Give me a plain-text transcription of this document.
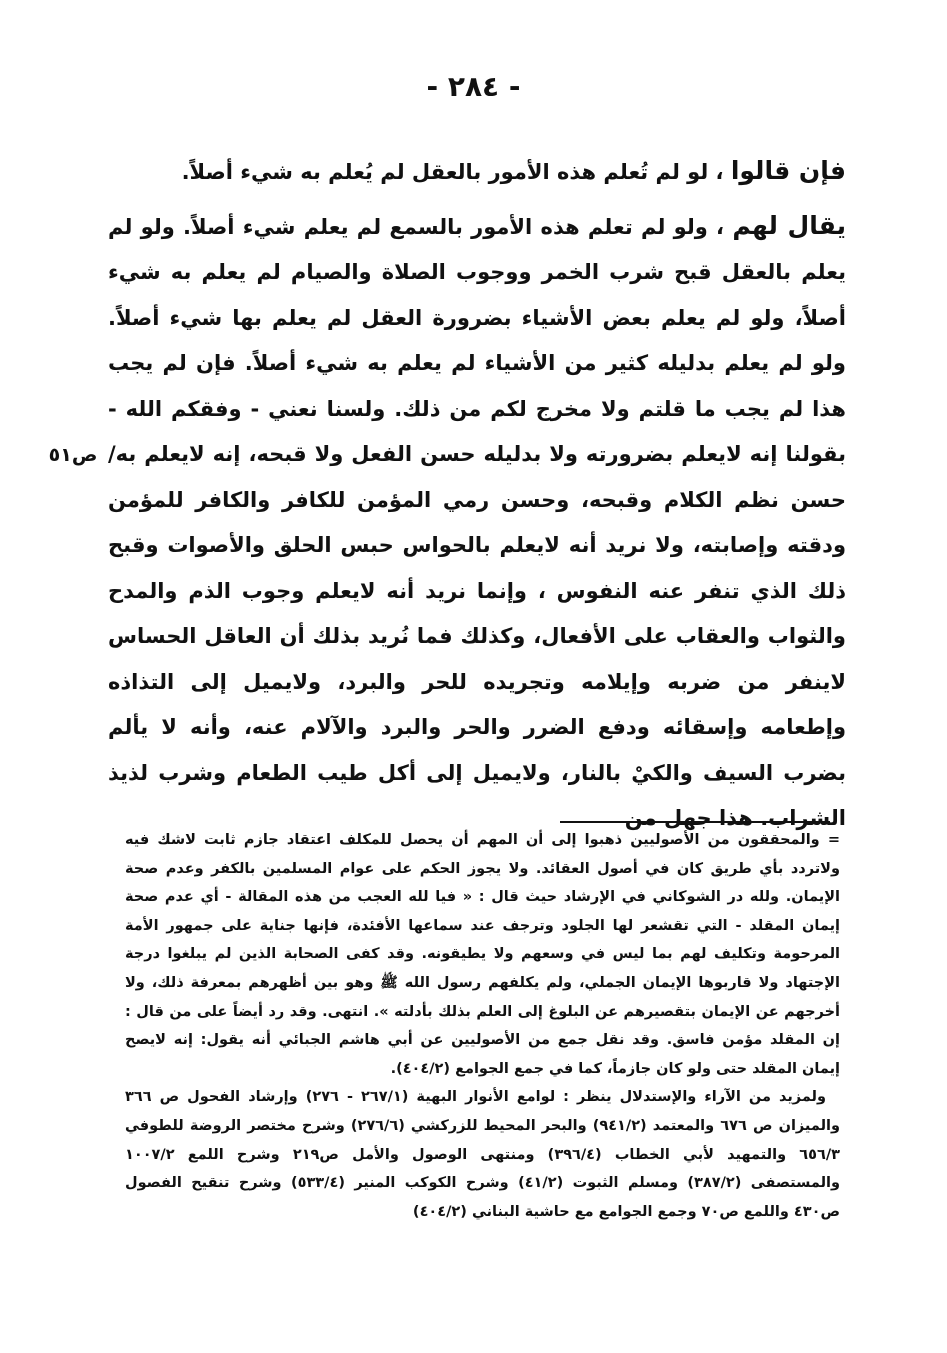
- ٢٨٤ -
ص٥١

فإن قالوا ، لو لم تُعلم هذه الأمور بالعقل لم يُعلم به شيء أصلاً.

يقال لهم ، ولو لم تعلم هذه الأمور بالسمع لم يعلم شيء أصلاً. ولو لم يعلم بالعقل قبح شرب الخمر ووجوب الصلاة والصيام لم يعلم به شيء أصلاً، ولو لم يعلم بعض الأشياء بضرورة العقل لم يعلم بها شيء أصلاً. ولو لم يعلم بدليله كثير من الأشياء لم يعلم به شيء أصلاً. فإن لم يجب هذا لم يجب ما قلتم ولا مخرج لكم من ذلك. ولسنا نعني - وفقكم الله - بقولنا إنه لايعلم بضرورته ولا بدليله حسن الفعل ولا قبحه، إنه لايعلم به/ حسن نظم الكلام وقبحه، وحسن رمي المؤمن للكافر والكافر للمؤمن ودقته وإصابته، ولا نريد أنه لايعلم بالحواس حبس الحلق والأصوات وقبح ذلك الذي تنفر عنه النفوس ، وإنما نريد أنه لايعلم وجوب الذم والمدح والثواب والعقاب على الأفعال، وكذلك فما نُريد بذلك أن العاقل الحساس لاينفر من ضربه وإيلامه وتجريده للحر والبرد، ولايميل إلى التذاذه وإطعامه وإسقائه ودفع الضرر والحر والبرد والآلام عنه، وأنه لا يألم بضرب السيف والكيْ بالنار، ولايميل إلى أكل طيب الطعام وشرب لذيذ الشراب. هذا جهل من

= والمحققون من الأصوليين ذهبوا إلى أن المهم أن يحصل للمكلف اعتقاد جازم ثابت لاشك فيه ولاتردد بأي طريق كان في أصول العقائد. ولا يجوز الحكم على عوام المسلمين بالكفر وعدم صحة الإيمان. ولله در الشوكاني في الإرشاد حيث قال : « فيا لله العجب من هذه المقالة - أي عدم صحة إيمان المقلد - التي تقشعر لها الجلود وترجف عند سماعها الأفئدة، فإنها جناية على جمهور الأمة المرحومة وتكليف لهم بما ليس في وسعهم ولا يطيقونه. وقد كفى الصحابة الذين لم يبلغوا درجة الإجتهاد ولا قاربوها الإيمان الجملي، ولم يكلفهم رسول الله ﷺ وهو بين أظهرهم بمعرفة ذلك، ولا أخرجهم عن الإيمان بتقصيرهم عن البلوغ إلى العلم بذلك بأدلته ». انتهى. وقد رد أيضاً على من قال : إن المقلد مؤمن فاسق. وقد نقل جمع من الأصوليين عن أبي هاشم الجبائي أنه يقول: إنه لايصح إيمان المقلد حتى ولو كان جازماً، كما في جمع الجوامع (٤٠٤/٢).

ولمزيد من الآراء والإستدلال ينظر : لوامع الأنوار البهية (٢٦٧/١ - ٢٧٦) وإرشاد الفحول ص ٣٦٦ والميزان ص ٦٧٦ والمعتمد (٩٤١/٢) والبحر المحيط للزركشي (٢٧٦/٦) وشرح مختصر الروضة للطوفي ٦٥٦/٣ والتمهيد لأبي الخطاب (٣٩٦/٤) ومنتهى الوصول والأمل ص٢١٩ وشرح اللمع ١٠٠٧/٢ والمستصفى (٣٨٧/٢) ومسلم الثبوت (٤١/٢) وشرح الكوكب المنير (٥٣٣/٤) وشرح تنقيح الفصول ص٤٣٠ واللمع ص٧٠ وجمع الجوامع مع حاشية البناني (٤٠٤/٢)
